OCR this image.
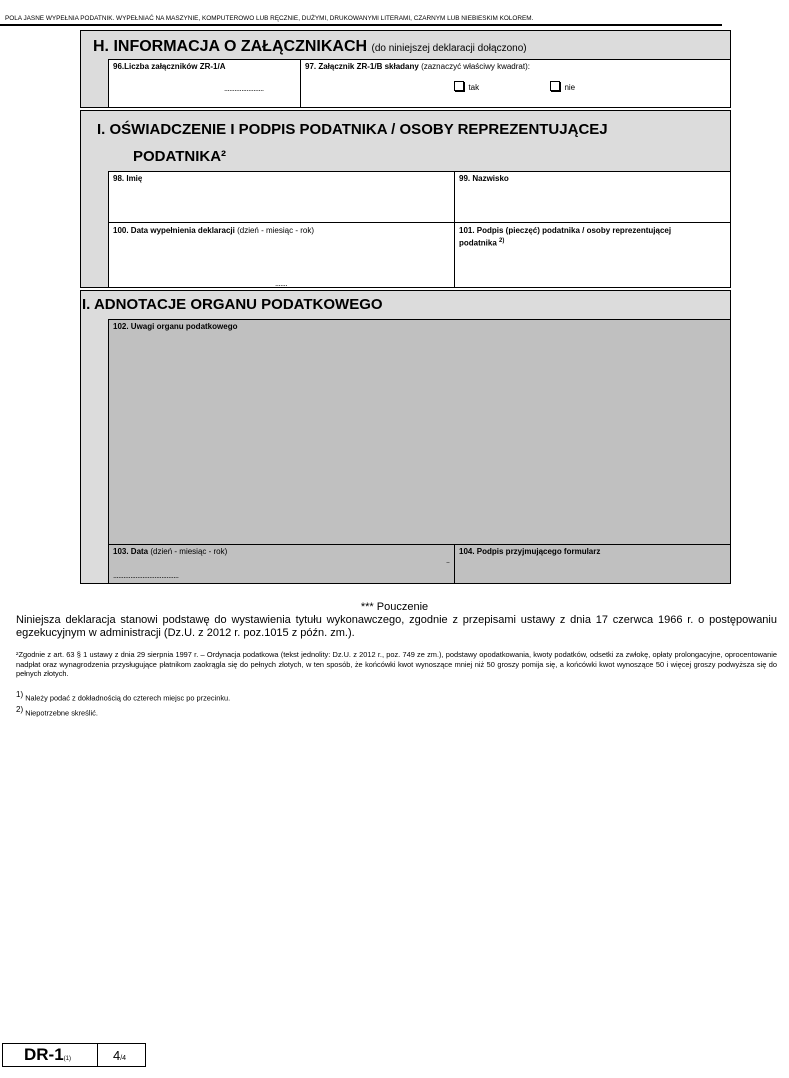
POLA JASNE WYPEŁNIA PODATNIK. WYPEŁNIAĆ NA MASZYNIE, KOMPUTEROWO LUB RĘCZNIE, DUŻYMI, DRUKOWANYMI LITERAMI, CZARNYM LUB NIEBIESKIM KOLOREM.
H. INFORMACJA O ZAŁĄCZNIKACH (do niniejszej deklaracji dołączono)
96.Liczba załączników ZR-1/A
.......................
97. Załącznik ZR-1/B składany (zaznaczyć właściwy kwadrat):
tak	nie
I. OŚWIADCZENIE I PODPIS PODATNIKA / OSOBY REPREZENTUJĄCEJ
PODATNIKA²
98. Imię	99. Nazwisko
100. Data wypełnienia deklaracji (dzień - miesiąc - rok)
.......
101. Podpis (pieczęć) podatnika / osoby reprezentującej
podatnika $^{2)}$
I. ADNOTACJE ORGANU PODATKOWEGO
102. Uwagi organu podatkowego
103. Data (dzień - miesiąc - rok)
......................................
..
104. Podpis przyjmującego formularz
*** Pouczenie
Niniejsza deklaracja stanowi podstawę do wystawienia tytułu wykonawczego, zgodnie z przepisami ustawy z dnia 17 czerwca 1966 r. o postępowaniu egzekucyjnym w administracji (Dz.U. z 2012 r. poz.1015 z późn. zm.).
²Zgodnie z art. 63 § 1 ustawy z dnia 29 sierpnia 1997 r. – Ordynacja podatkowa (tekst jednolity: Dz.U. z 2012 r., poz. 749 ze zm.), podstawy opodatkowania, kwoty podatków, odsetki za zwłokę, opłaty prolongacyjne, oprocentowanie nadpłat oraz wynagrodzenia przysługujące płatnikom zaokrągla się do pełnych złotych, w ten sposób, że końcówki kwot wynoszące mniej niż 50 groszy pomija się, a końcówki kwot wynoszące 50 i więcej groszy podwyższa się do pełnych złotych.
$^{1)}$ Należy podać z dokładnością do czterech miejsc po przecinku.
$^{2)}$ Niepotrzebne skreślić.
DR-1(1)	4/4
